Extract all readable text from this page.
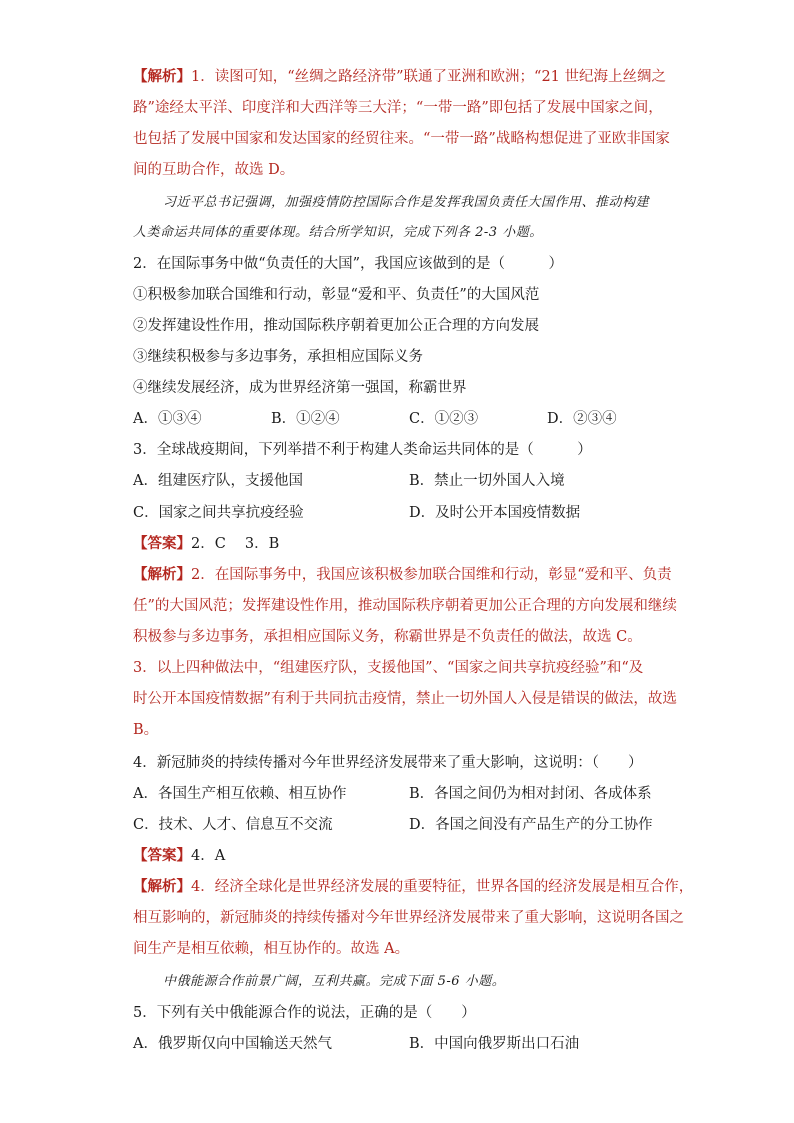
【解析】1．读图可知，“丝绸之路经济带”联通了亚洲和欧洲；“21 世纪海上丝绸之
路”途经太平洋、印度洋和大西洋等三大洋；“一带一路”即包括了发展中国家之间，
也包括了发展中国家和发达国家的经贸往来。“一带一路”战略构想促进了亚欧非国家
间的互助合作，故选 D。
习近平总书记强调，加强疫情防控国际合作是发挥我国负责任大国作用、推动构建
人类命运共同体的重要体现。结合所学知识，完成下列各 2-3 小题。
2．在国际事务中做“负责任的大国”，我国应该做到的是（　　　）
①积极参加联合国维和行动，彰显“爱和平、负责任”的大国风范
②发挥建设性作用，推动国际秩序朝着更加公正合理的方向发展
③继续积极参与多边事务，承担相应国际义务
④继续发展经济，成为世界经济第一强国，称霸世界
A．①③④	B．①②④	C．①②③	D．②③④
3．全球战疫期间，下列举措不利于构建人类命运共同体的是（　　　）
A．组建医疗队，支援他国	B．禁止一切外国人入境
C．国家之间共享抗疫经验	D．及时公开本国疫情数据
【答案】2．C　 3．B
【解析】2．在国际事务中，我国应该积极参加联合国维和行动，彰显“爱和平、负责
任”的大国风范；发挥建设性作用，推动国际秩序朝着更加公正合理的方向发展和继续
积极参与多边事务，承担相应国际义务，称霸世界是不负责任的做法，故选 C。
3．以上四种做法中，“组建医疗队，支援他国”、“国家之间共享抗疫经验”和“及
时公开本国疫情数据”有利于共同抗击疫情，禁止一切外国人入侵是错误的做法，故选
B。
4．新冠肺炎的持续传播对今年世界经济发展带来了重大影响，这说明：（　　）
A．各国生产相互依赖、相互协作	B．各国之间仍为相对封闭、各成体系
C．技术、人才、信息互不交流	D．各国之间没有产品生产的分工协作
【答案】4．A
【解析】4．经济全球化是世界经济发展的重要特征，世界各国的经济发展是相互合作，
相互影响的，新冠肺炎的持续传播对今年世界经济发展带来了重大影响，这说明各国之
间生产是相互依赖，相互协作的。故选 A。
中俄能源合作前景广阔，互利共赢。完成下面 5-6 小题。
5．下列有关中俄能源合作的说法，正确的是（　　）
A．俄罗斯仅向中国输送天然气	B．中国向俄罗斯出口石油
